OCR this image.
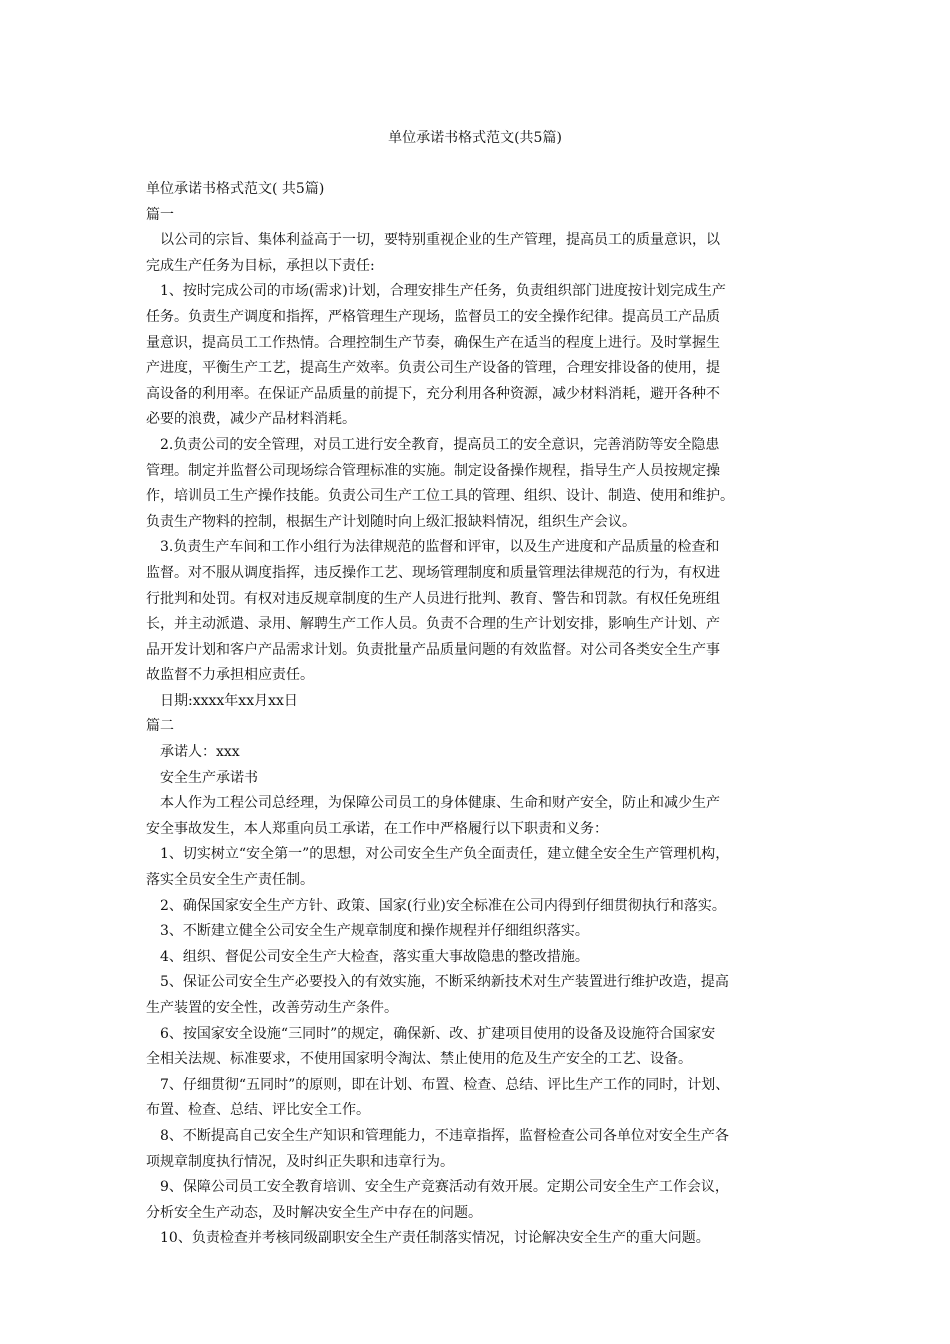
单位承诺书格式范文(共5篇)

单位承诺书格式范文( 共5篇)

篇一

以公司的宗旨、集体利益高于一切，要特别重视企业的生产管理，提高员工的质量意识，以

完成生产任务为目标，承担以下责任:

1、按时完成公司的市场(需求)计划，合理安排生产任务，负责组织部门进度按计划完成生产

任务。负责生产调度和指挥，严格管理生产现场，监督员工的安全操作纪律。提高员工产品质

量意识，提高员工工作热情。合理控制生产节奏，确保生产在适当的程度上进行。及时掌握生

产进度，平衡生产工艺，提高生产效率。负责公司生产设备的管理，合理安排设备的使用，提

高设备的利用率。在保证产品质量的前提下，充分利用各种资源，减少材料消耗，避开各种不

必要的浪费，减少产品材料消耗。

2.负责公司的安全管理，对员工进行安全教育，提高员工的安全意识，完善消防等安全隐患

管理。制定并监督公司现场综合管理标准的实施。制定设备操作规程，指导生产人员按规定操

作，培训员工生产操作技能。负责公司生产工位工具的管理、组织、设计、制造、使用和维护。

负责生产物料的控制，根据生产计划随时向上级汇报缺料情况，组织生产会议。

3.负责生产车间和工作小组行为法律规范的监督和评审，以及生产进度和产品质量的检查和

监督。对不服从调度指挥，违反操作工艺、现场管理制度和质量管理法律规范的行为，有权进

行批判和处罚。有权对违反规章制度的生产人员进行批判、教育、警告和罚款。有权任免班组

长，并主动派遣、录用、解聘生产工作人员。负责不合理的生产计划安排，影响生产计划、产

品开发计划和客户产品需求计划。负责批量产品质量问题的有效监督。对公司各类安全生产事

故监督不力承担相应责任。

日期:xxxx年xx月xx日

篇二

承诺人：xxx

安全生产承诺书

本人作为工程公司总经理，为保障公司员工的身体健康、生命和财产安全，防止和减少生产

安全事故发生，本人郑重向员工承诺，在工作中严格履行以下职责和义务：

1、切实树立“安全第一”的思想，对公司安全生产负全面责任，建立健全安全生产管理机构，

落实全员安全生产责任制。

2、确保国家安全生产方针、政策、国家(行业)安全标准在公司内得到仔细贯彻执行和落实。

3、不断建立健全公司安全生产规章制度和操作规程并仔细组织落实。

4、组织、督促公司安全生产大检查，落实重大事故隐患的整改措施。

5、保证公司安全生产必要投入的有效实施，不断采纳新技术对生产装置进行维护改造，提高

生产装置的安全性，改善劳动生产条件。

6、按国家安全设施“三同时”的规定，确保新、改、扩建项目使用的设备及设施符合国家安

全相关法规、标准要求，不使用国家明令淘汰、禁止使用的危及生产安全的工艺、设备。

7、仔细贯彻“五同时”的原则，即在计划、布置、检查、总结、评比生产工作的同时，计划、

布置、检查、总结、评比安全工作。

8、不断提高自己安全生产知识和管理能力，不违章指挥，监督检查公司各单位对安全生产各

项规章制度执行情况，及时纠正失职和违章行为。

9、保障公司员工安全教育培训、安全生产竞赛活动有效开展。定期公司安全生产工作会议，

分析安全生产动态，及时解决安全生产中存在的问题。

10、负责检查并考核同级副职安全生产责任制落实情况，讨论解决安全生产的重大问题。
